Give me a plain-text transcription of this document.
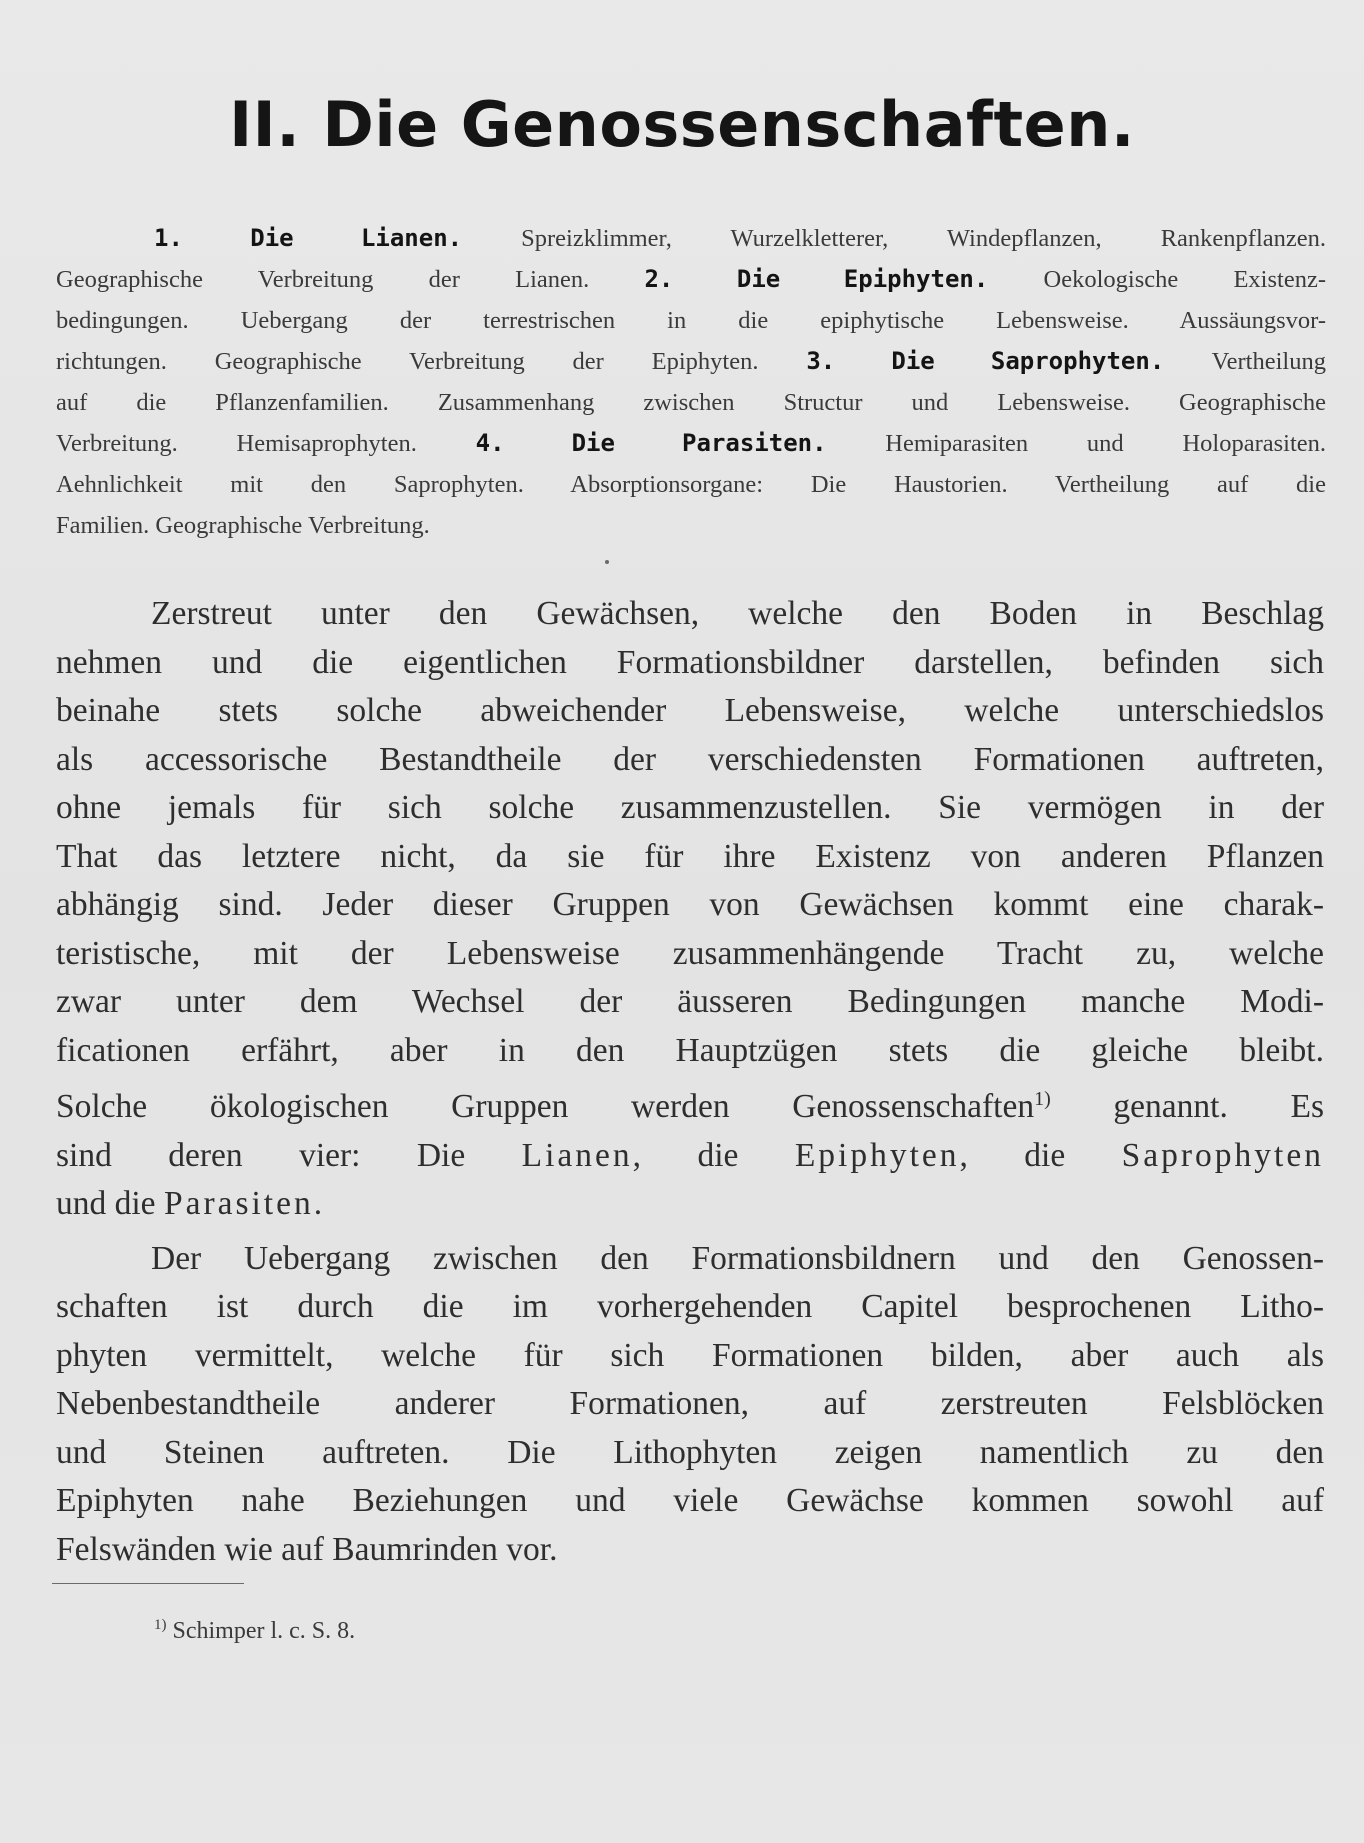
II. Die Genossenschaften.
1. Die Lianen. Spreizklimmer, Wurzelkletterer, Windepflanzen, Rankenpflanzen.
Geographische Verbreitung der Lianen. 2. Die Epiphyten. Oekologische Existenz-
bedingungen. Uebergang der terrestrischen in die epiphytische Lebensweise. Aussäungsvor-
richtungen. Geographische Verbreitung der Epiphyten. 3. Die Saprophyten. Vertheilung
auf die Pflanzenfamilien. Zusammenhang zwischen Structur und Lebensweise. Geographische
Verbreitung. Hemisaprophyten. 4. Die Parasiten. Hemiparasiten und Holoparasiten.
Aehnlichkeit mit den Saprophyten. Absorptionsorgane: Die Haustorien. Vertheilung auf die
Familien. Geographische Verbreitung.
Zerstreut unter den Gewächsen, welche den Boden in Beschlag
nehmen und die eigentlichen Formationsbildner darstellen, befinden sich
beinahe stets solche abweichender Lebensweise, welche unterschiedslos
als accessorische Bestandtheile der verschiedensten Formationen auftreten,
ohne jemals für sich solche zusammenzustellen. Sie vermögen in der
That das letztere nicht, da sie für ihre Existenz von anderen Pflanzen
abhängig sind. Jeder dieser Gruppen von Gewächsen kommt eine charak-
teristische, mit der Lebensweise zusammenhängende Tracht zu, welche
zwar unter dem Wechsel der äusseren Bedingungen manche Modi-
ficationen erfährt, aber in den Hauptzügen stets die gleiche bleibt.
Solche ökologischen Gruppen werden Genossenschaften$^{1)}$ genannt. Es
sind deren vier: Die Lianen, die Epiphyten, die Saprophyten
und die Parasiten.
Der Uebergang zwischen den Formationsbildnern und den Genossen-
schaften ist durch die im vorhergehenden Capitel besprochenen Litho-
phyten vermittelt, welche für sich Formationen bilden, aber auch als
Nebenbestandtheile anderer Formationen, auf zerstreuten Felsblöcken
und Steinen auftreten. Die Lithophyten zeigen namentlich zu den
Epiphyten nahe Beziehungen und viele Gewächse kommen sowohl auf
Felswänden wie auf Baumrinden vor.
$^{1)}$ Schimper l. c. S. 8.
